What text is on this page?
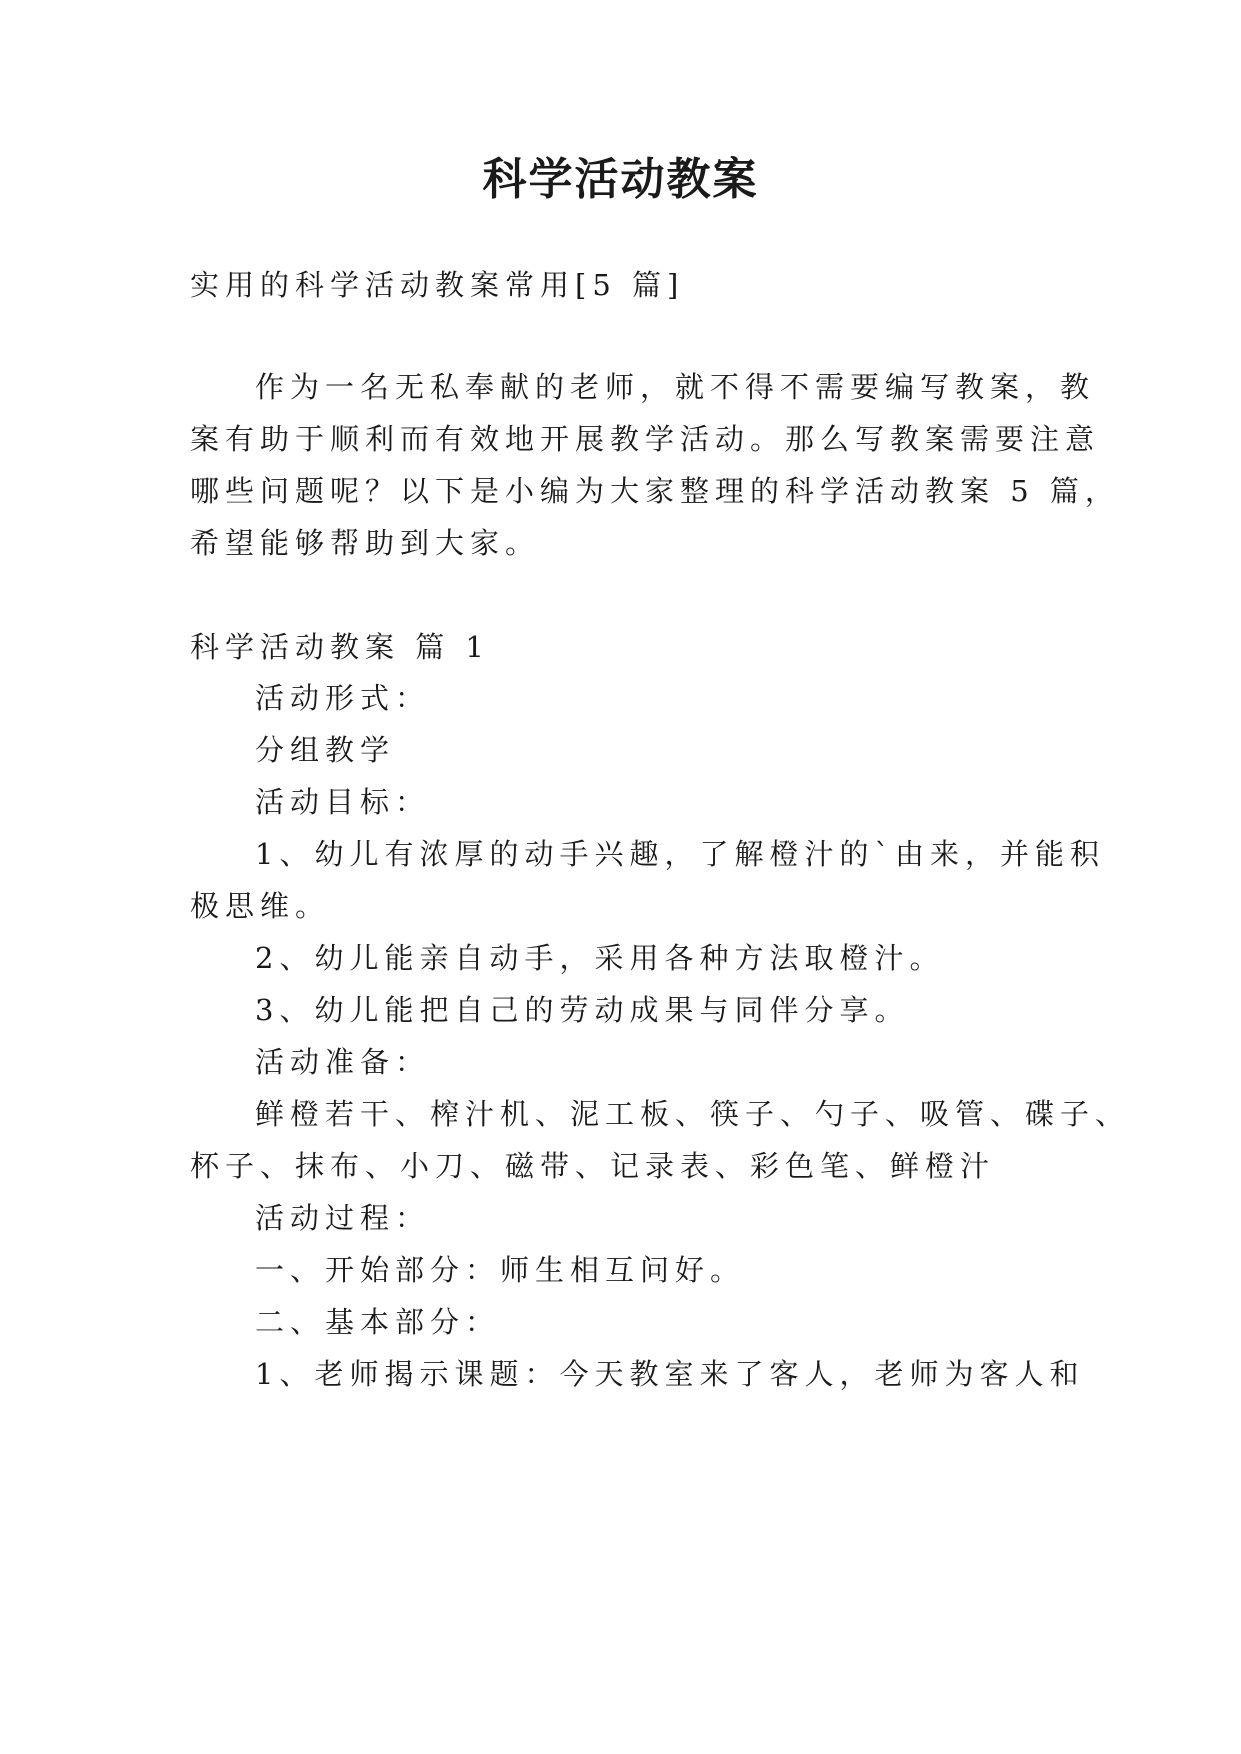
科学活动教案
实用的科学活动教案常用[5 篇]
作为一名无私奉献的老师，就不得不需要编写教案，教
案有助于顺利而有效地开展教学活动。那么写教案需要注意
哪些问题呢？以下是小编为大家整理的科学活动教案 5 篇，
希望能够帮助到大家。
科学活动教案 篇 1
活动形式：
分组教学
活动目标：
1、幼儿有浓厚的动手兴趣，了解橙汁的`由来，并能积
极思维。
2、幼儿能亲自动手，采用各种方法取橙汁。
3、幼儿能把自己的劳动成果与同伴分享。
活动准备：
鲜橙若干、榨汁机、泥工板、筷子、勺子、吸管、碟子、
杯子、抹布、小刀、磁带、记录表、彩色笔、鲜橙汁
活动过程：
一、开始部分：师生相互问好。
二、基本部分：
1、老师揭示课题：今天教室来了客人，老师为客人和
